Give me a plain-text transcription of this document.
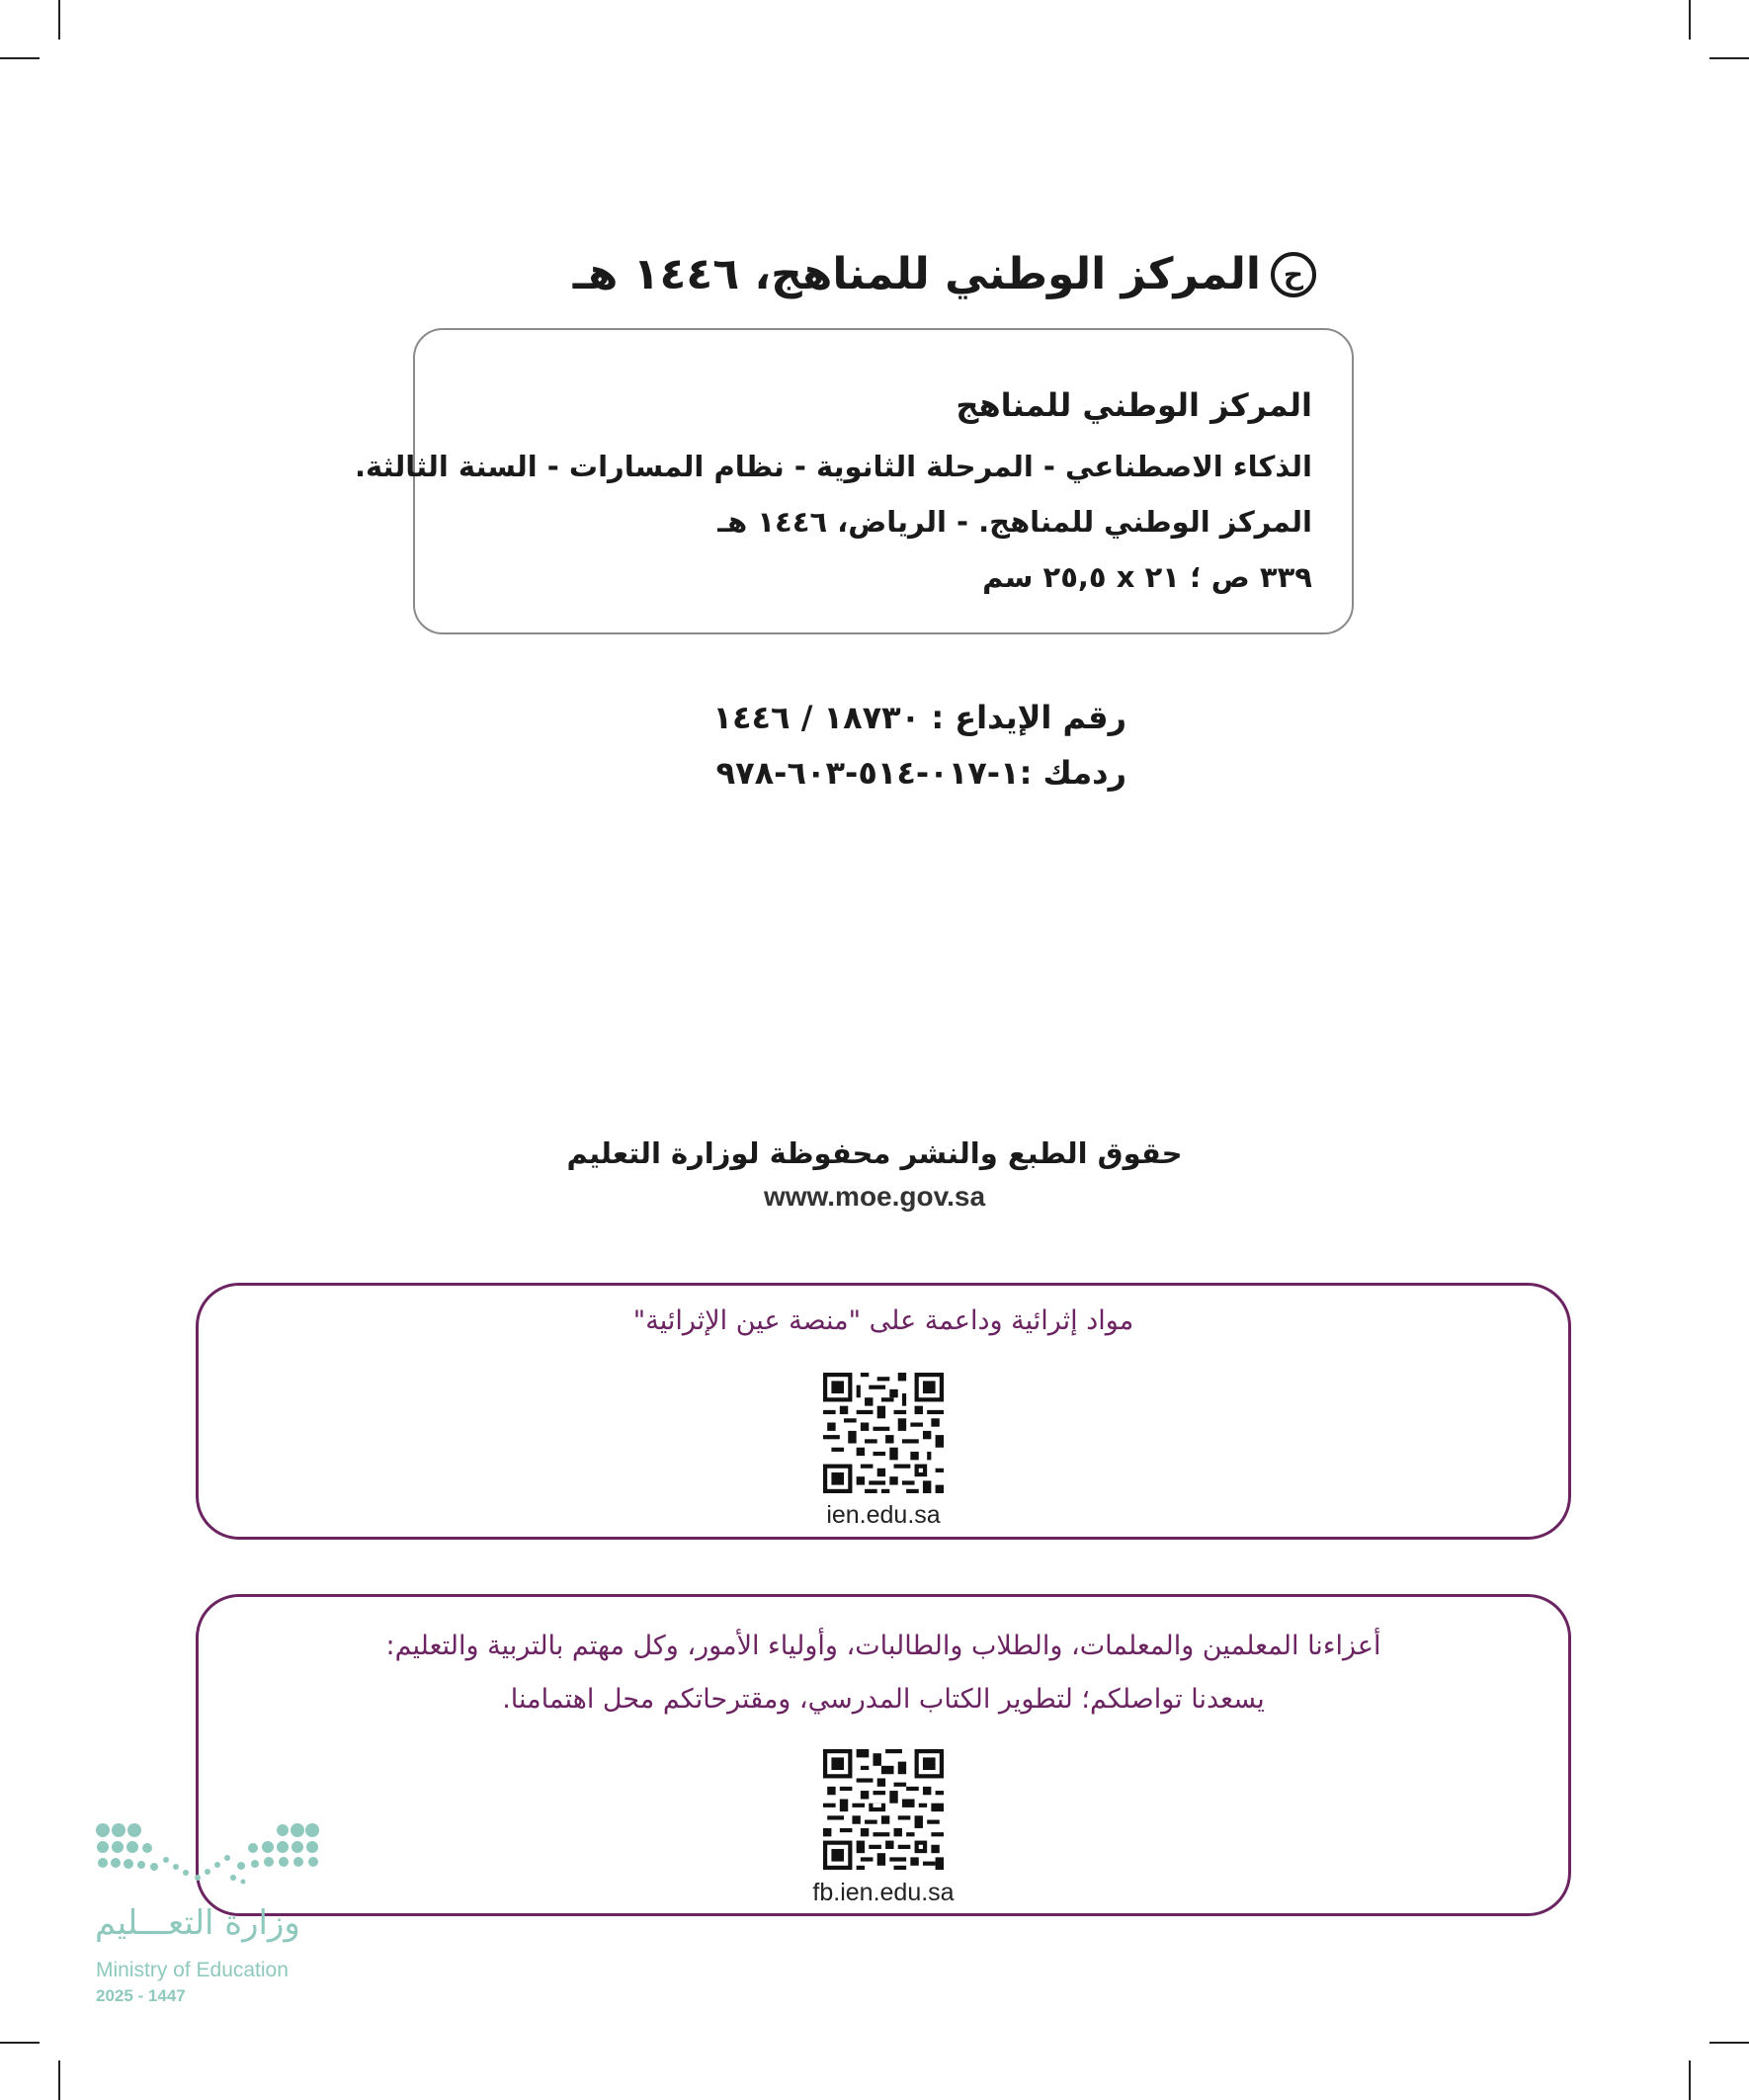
ح
المركز الوطني للمناهج، ١٤٤٦ هـ
المركز الوطني للمناهج
الذكاء الاصطناعي - المرحلة الثانوية - نظام المسارات - السنة الثالثة.
المركز الوطني للمناهج. - الرياض، ١٤٤٦ هـ
٣٣٩ ص ؛ ٢١ x ٢٥,٥ سم
رقم الإيداع : ١٨٧٣٠ / ١٤٤٦
ردمك :١-٠١٧-٥١٤-٦٠٣-٩٧٨
حقوق الطبع والنشر محفوظة لوزارة التعليم
www.moe.gov.sa
مواد إثرائية وداعمة على "منصة عين الإثرائية"
ien.edu.sa
أعزاءنا المعلمين والمعلمات، والطلاب والطالبات، وأولياء الأمور، وكل مهتم بالتربية والتعليم:
يسعدنا تواصلكم؛ لتطوير الكتاب المدرسي، ومقترحاتكم محل اهتمامنا.
fb.ien.edu.sa
وزارة التعـــليم
Ministry of Education
2025 - 1447
